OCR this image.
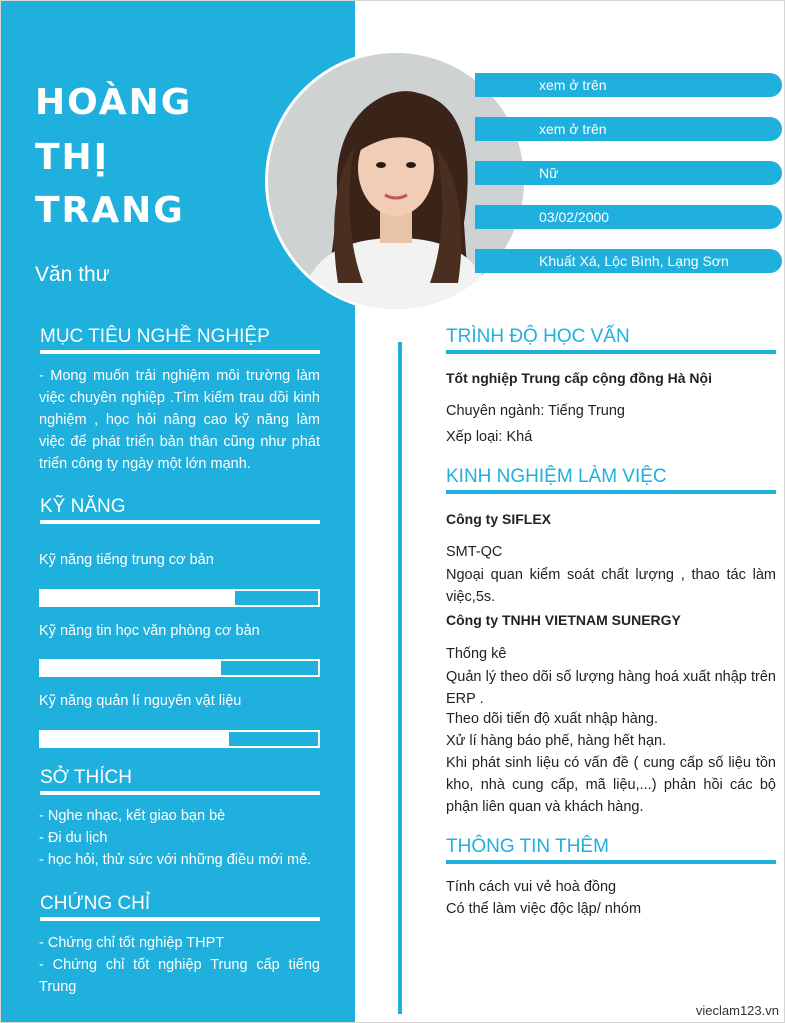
HOÀNG
THỊ
TRANG
Văn thư
MỤC TIÊU NGHỀ NGHIỆP
- Mong muốn trải nghiệm môi trường làm việc chuyên nghiệp .Tìm kiếm trau dồi kinh nghiệm , học hỏi nâng cao kỹ năng làm việc để phát triển bản thân cũng như phát triển công ty ngày một lớn mạnh.
KỸ NĂNG
Kỹ năng tiếng trung cơ bản
Kỹ năng tin học văn phòng cơ bản
Kỹ năng quản lí nguyên vật liệu
SỞ THÍCH
- Nghe nhạc, kết giao bạn bè
- Đi du lịch
- học hỏi, thử sức với những điều mới mẻ.
CHỨNG CHỈ
- Chứng chỉ tốt nghiệp THPT
- Chứng chỉ tốt nghiệp Trung cấp tiếng Trung
xem ở trên
xem ở trên
Nữ
03/02/2000
Khuất Xá, Lộc Bình, Lạng Sơn
TRÌNH ĐỘ HỌC VẤN
Tốt nghiệp Trung cấp cộng đồng Hà Nội
Chuyên ngành: Tiếng Trung
Xếp loại: Khá
KINH NGHIỆM LÀM VIỆC
Công ty SIFLEX
SMT-QC
Ngoại quan kiểm soát chất lượng , thao tác làm việc,5s.
Công ty TNHH VIETNAM SUNERGY
Thống kê
Quản lý theo dõi số lượng hàng hoá xuất nhập trên ERP .
Theo dõi tiến độ xuất nhập hàng.
Xử lí hàng báo phế, hàng hết hạn.
Khi phát sinh liệu có vấn đề ( cung cấp số liệu tồn kho, nhà cung cấp, mã liệu,...) phản hồi các bộ phận liên quan và khách hàng.
THÔNG TIN THÊM
Tính cách vui vẻ hoà đồng
Có thể làm việc độc lập/ nhóm
vieclam123.vn
